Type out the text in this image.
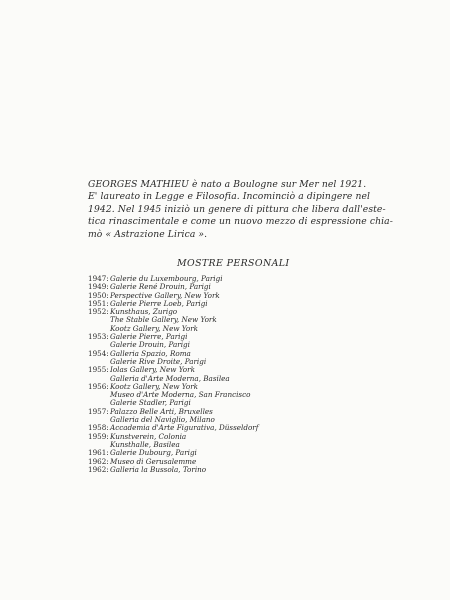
GEORGES MATHIEU è nato a Boulogne sur Mer nel 1921.
E' laureato in Legge e Filosofia. Incominciò a dipingere nel
1942. Nel 1945 iniziò un genere di pittura che libera dall'este-
tica rinascimentale e come un nuovo mezzo di espressione chia-
mò « Astrazione Lirica ».
MOSTRE PERSONALI
1947: Galerie du Luxembourg, Parigi
1949: Galerie René Drouin, Parigi
1950: Perspective Gallery, New York
1951: Galerie Pierre Loeb, Parigi
1952: Kunsthaus, Zurigo
The Stable Gallery, New York
Kootz Gallery, New York
1953: Galerie Pierre, Parigi
Galerie Drouin, Parigi
1954: Galleria Spazio, Roma
Galerie Rive Droite, Parigi
1955: Iolas Gallery, New York
Galleria d'Arte Moderna, Basilea
1956: Kootz Gallery, New York
Museo d'Arte Moderna, San Francisco
Galerie Stadler, Parigi
1957: Palazzo Belle Arti, Bruxelles
Galleria del Naviglio, Milano
1958: Accademia d'Arte Figurativa, Düsseldorf
1959: Kunstverein, Colonia
Kunsthalle, Basilea
1961: Galerie Dubourg, Parigi
1962: Museo di Gerusalemme
1962: Galleria la Bussola, Torino
